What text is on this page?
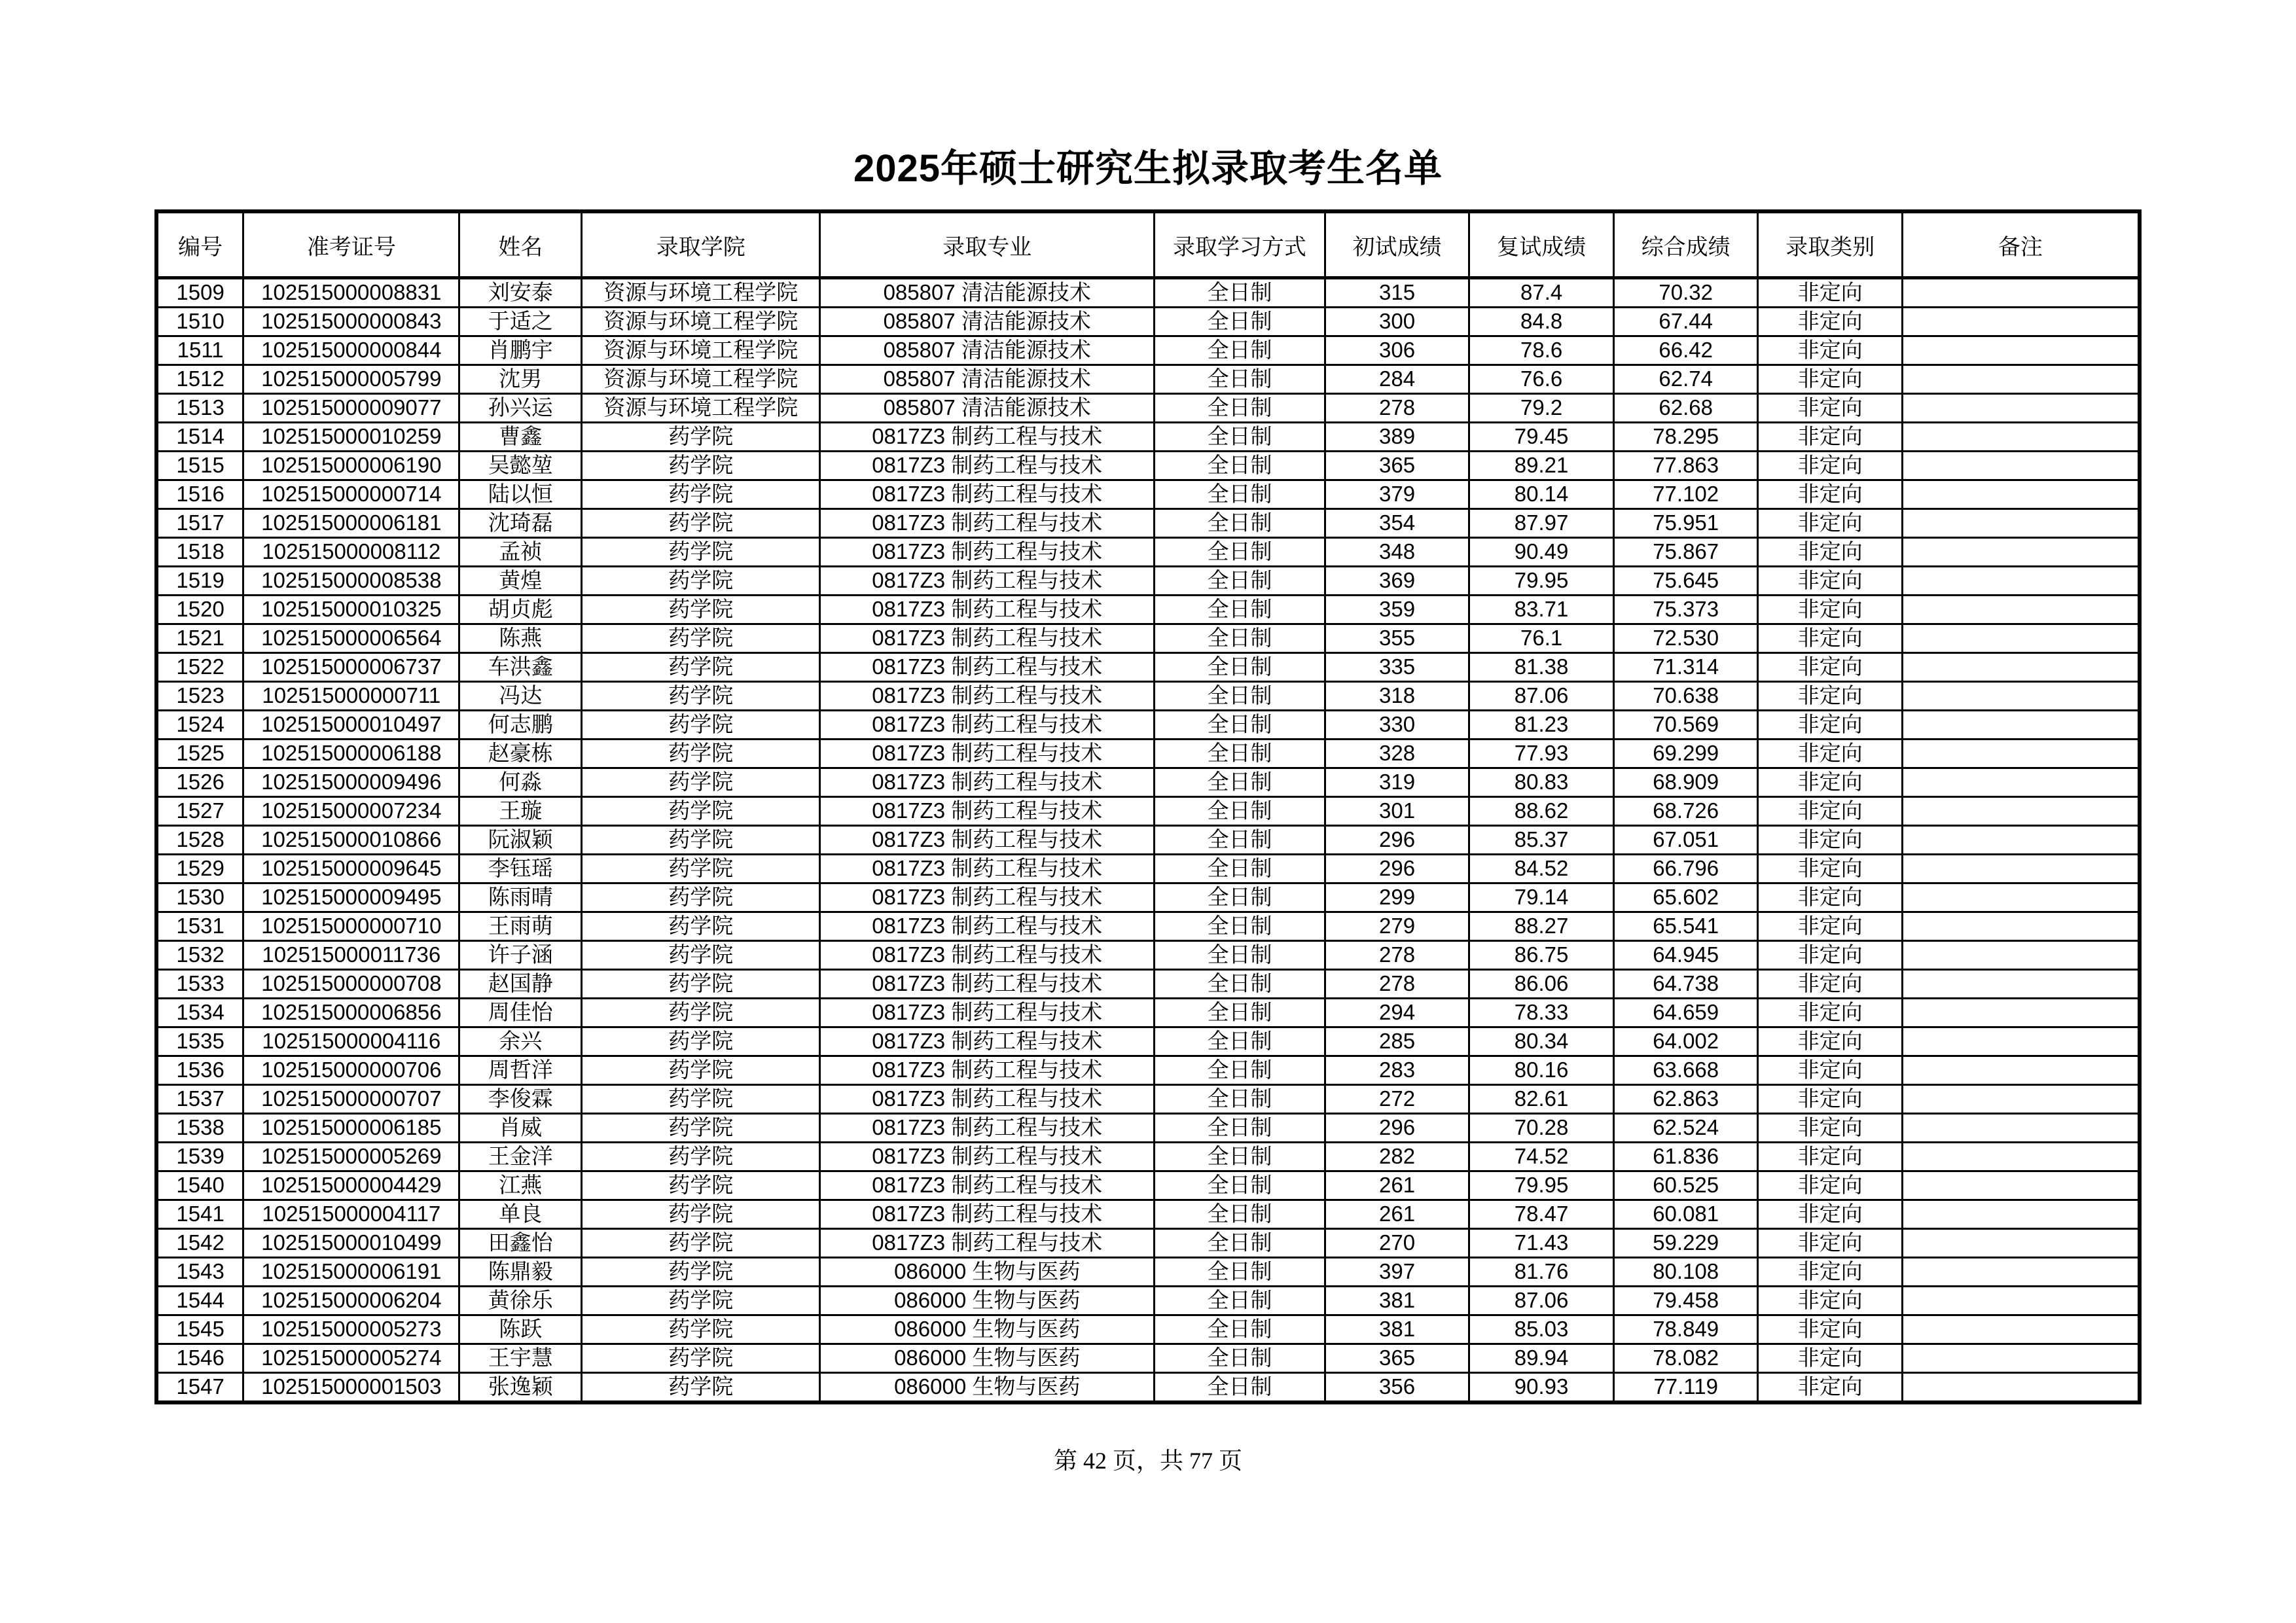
2025年硕士研究生拟录取考生名单
编号	准考证号	姓名	录取学院	录取专业	录取学习方式	初试成绩	复试成绩	综合成绩	录取类别	备注
1509	102515000008831	刘安泰	资源与环境工程学院	085807 清洁能源技术	全日制	315	87.4	70.32	非定向	
1510	102515000000843	于适之	资源与环境工程学院	085807 清洁能源技术	全日制	300	84.8	67.44	非定向	
1511	102515000000844	肖鹏宇	资源与环境工程学院	085807 清洁能源技术	全日制	306	78.6	66.42	非定向	
1512	102515000005799	沈男	资源与环境工程学院	085807 清洁能源技术	全日制	284	76.6	62.74	非定向	
1513	102515000009077	孙兴运	资源与环境工程学院	085807 清洁能源技术	全日制	278	79.2	62.68	非定向	
1514	102515000010259	曹鑫	药学院	0817Z3 制药工程与技术	全日制	389	79.45	78.295	非定向	
1515	102515000006190	吴懿堃	药学院	0817Z3 制药工程与技术	全日制	365	89.21	77.863	非定向	
1516	102515000000714	陆以恒	药学院	0817Z3 制药工程与技术	全日制	379	80.14	77.102	非定向	
1517	102515000006181	沈琦磊	药学院	0817Z3 制药工程与技术	全日制	354	87.97	75.951	非定向	
1518	102515000008112	孟祯	药学院	0817Z3 制药工程与技术	全日制	348	90.49	75.867	非定向	
1519	102515000008538	黄煌	药学院	0817Z3 制药工程与技术	全日制	369	79.95	75.645	非定向	
1520	102515000010325	胡贞彪	药学院	0817Z3 制药工程与技术	全日制	359	83.71	75.373	非定向	
1521	102515000006564	陈燕	药学院	0817Z3 制药工程与技术	全日制	355	76.1	72.530	非定向	
1522	102515000006737	车洪鑫	药学院	0817Z3 制药工程与技术	全日制	335	81.38	71.314	非定向	
1523	102515000000711	冯达	药学院	0817Z3 制药工程与技术	全日制	318	87.06	70.638	非定向	
1524	102515000010497	何志鹏	药学院	0817Z3 制药工程与技术	全日制	330	81.23	70.569	非定向	
1525	102515000006188	赵豪栋	药学院	0817Z3 制药工程与技术	全日制	328	77.93	69.299	非定向	
1526	102515000009496	何淼	药学院	0817Z3 制药工程与技术	全日制	319	80.83	68.909	非定向	
1527	102515000007234	王璇	药学院	0817Z3 制药工程与技术	全日制	301	88.62	68.726	非定向	
1528	102515000010866	阮淑颖	药学院	0817Z3 制药工程与技术	全日制	296	85.37	67.051	非定向	
1529	102515000009645	李钰瑶	药学院	0817Z3 制药工程与技术	全日制	296	84.52	66.796	非定向	
1530	102515000009495	陈雨晴	药学院	0817Z3 制药工程与技术	全日制	299	79.14	65.602	非定向	
1531	102515000000710	王雨萌	药学院	0817Z3 制药工程与技术	全日制	279	88.27	65.541	非定向	
1532	102515000011736	许子涵	药学院	0817Z3 制药工程与技术	全日制	278	86.75	64.945	非定向	
1533	102515000000708	赵国静	药学院	0817Z3 制药工程与技术	全日制	278	86.06	64.738	非定向	
1534	102515000006856	周佳怡	药学院	0817Z3 制药工程与技术	全日制	294	78.33	64.659	非定向	
1535	102515000004116	余兴	药学院	0817Z3 制药工程与技术	全日制	285	80.34	64.002	非定向	
1536	102515000000706	周哲洋	药学院	0817Z3 制药工程与技术	全日制	283	80.16	63.668	非定向	
1537	102515000000707	李俊霖	药学院	0817Z3 制药工程与技术	全日制	272	82.61	62.863	非定向	
1538	102515000006185	肖威	药学院	0817Z3 制药工程与技术	全日制	296	70.28	62.524	非定向	
1539	102515000005269	王金洋	药学院	0817Z3 制药工程与技术	全日制	282	74.52	61.836	非定向	
1540	102515000004429	江燕	药学院	0817Z3 制药工程与技术	全日制	261	79.95	60.525	非定向	
1541	102515000004117	单良	药学院	0817Z3 制药工程与技术	全日制	261	78.47	60.081	非定向	
1542	102515000010499	田鑫怡	药学院	0817Z3 制药工程与技术	全日制	270	71.43	59.229	非定向	
1543	102515000006191	陈鼎毅	药学院	086000 生物与医药	全日制	397	81.76	80.108	非定向	
1544	102515000006204	黄徐乐	药学院	086000 生物与医药	全日制	381	87.06	79.458	非定向	
1545	102515000005273	陈跃	药学院	086000 生物与医药	全日制	381	85.03	78.849	非定向	
1546	102515000005274	王宇慧	药学院	086000 生物与医药	全日制	365	89.94	78.082	非定向	
1547	102515000001503	张逸颖	药学院	086000 生物与医药	全日制	356	90.93	77.119	非定向	
第 42 页，共 77 页
